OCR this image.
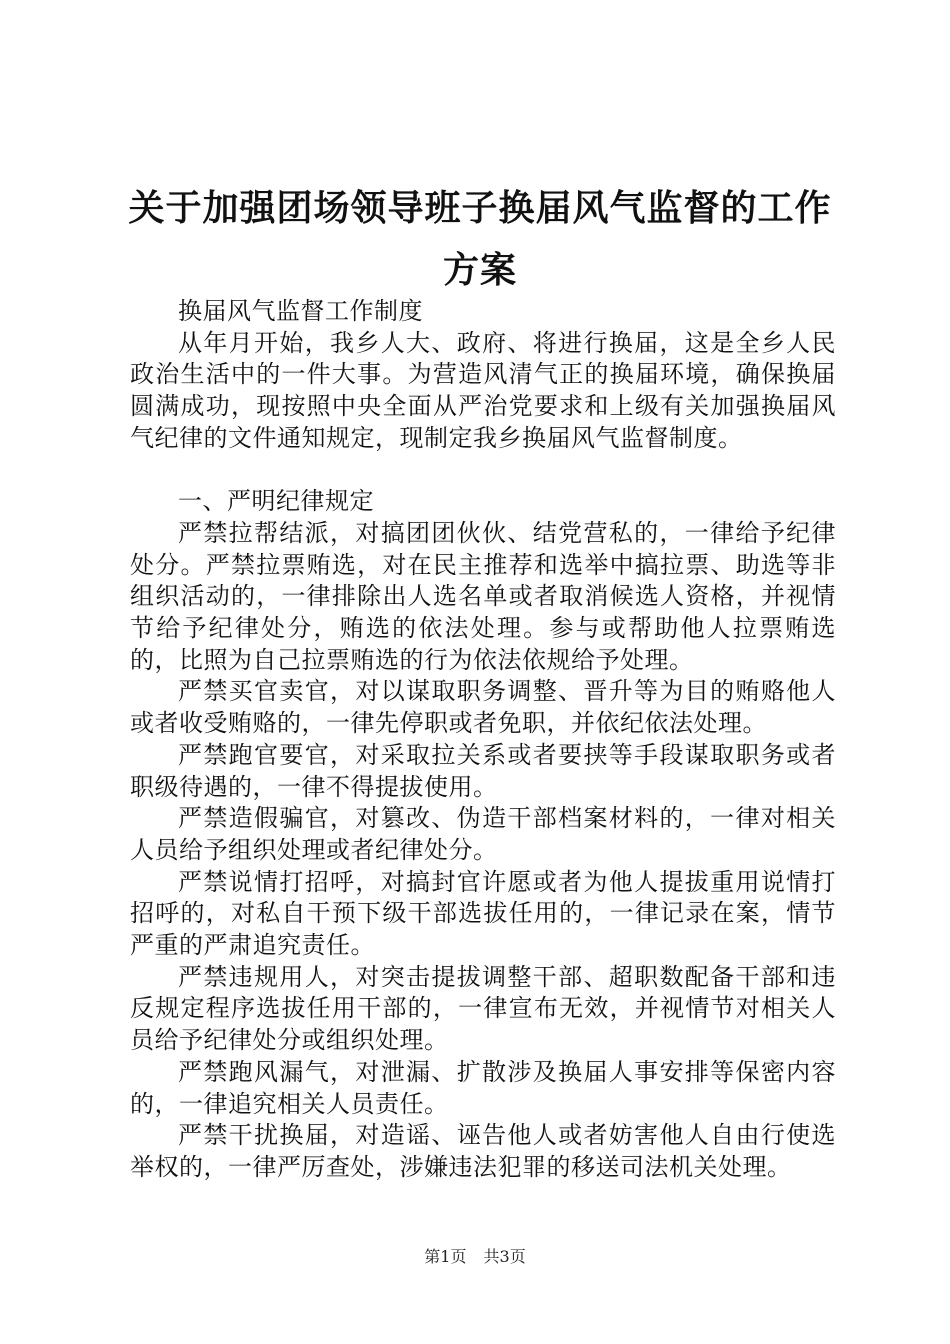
关于加强团场领导班子换届风气监督的工作方案

换届风气监督工作制度

从年月开始，我乡人大、政府、将进行换届，这是全乡人民政治生活中的一件大事。为营造风清气正的换届环境，确保换届圆满成功，现按照中央全面从严治党要求和上级有关加强换届风气纪律的文件通知规定，现制定我乡换届风气监督制度。

一、严明纪律规定

严禁拉帮结派，对搞团团伙伙、结党营私的，一律给予纪律处分。严禁拉票贿选，对在民主推荐和选举中搞拉票、助选等非组织活动的，一律排除出人选名单或者取消候选人资格，并视情节给予纪律处分，贿选的依法处理。参与或帮助他人拉票贿选的，比照为自己拉票贿选的行为依法依规给予处理。

严禁买官卖官，对以谋取职务调整、晋升等为目的贿赂他人或者收受贿赂的，一律先停职或者免职，并依纪依法处理。

严禁跑官要官，对采取拉关系或者要挟等手段谋取职务或者职级待遇的，一律不得提拔使用。

严禁造假骗官，对篡改、伪造干部档案材料的，一律对相关人员给予组织处理或者纪律处分。

严禁说情打招呼，对搞封官许愿或者为他人提拔重用说情打招呼的，对私自干预下级干部选拔任用的，一律记录在案，情节严重的严肃追究责任。

严禁违规用人，对突击提拔调整干部、超职数配备干部和违反规定程序选拔任用干部的，一律宣布无效，并视情节对相关人员给予纪律处分或组织处理。

严禁跑风漏气，对泄漏、扩散涉及换届人事安排等保密内容的，一律追究相关人员责任。

严禁干扰换届，对造谣、诬告他人或者妨害他人自由行使选举权的，一律严厉查处，涉嫌违法犯罪的移送司法机关处理。

第1页 共3页
